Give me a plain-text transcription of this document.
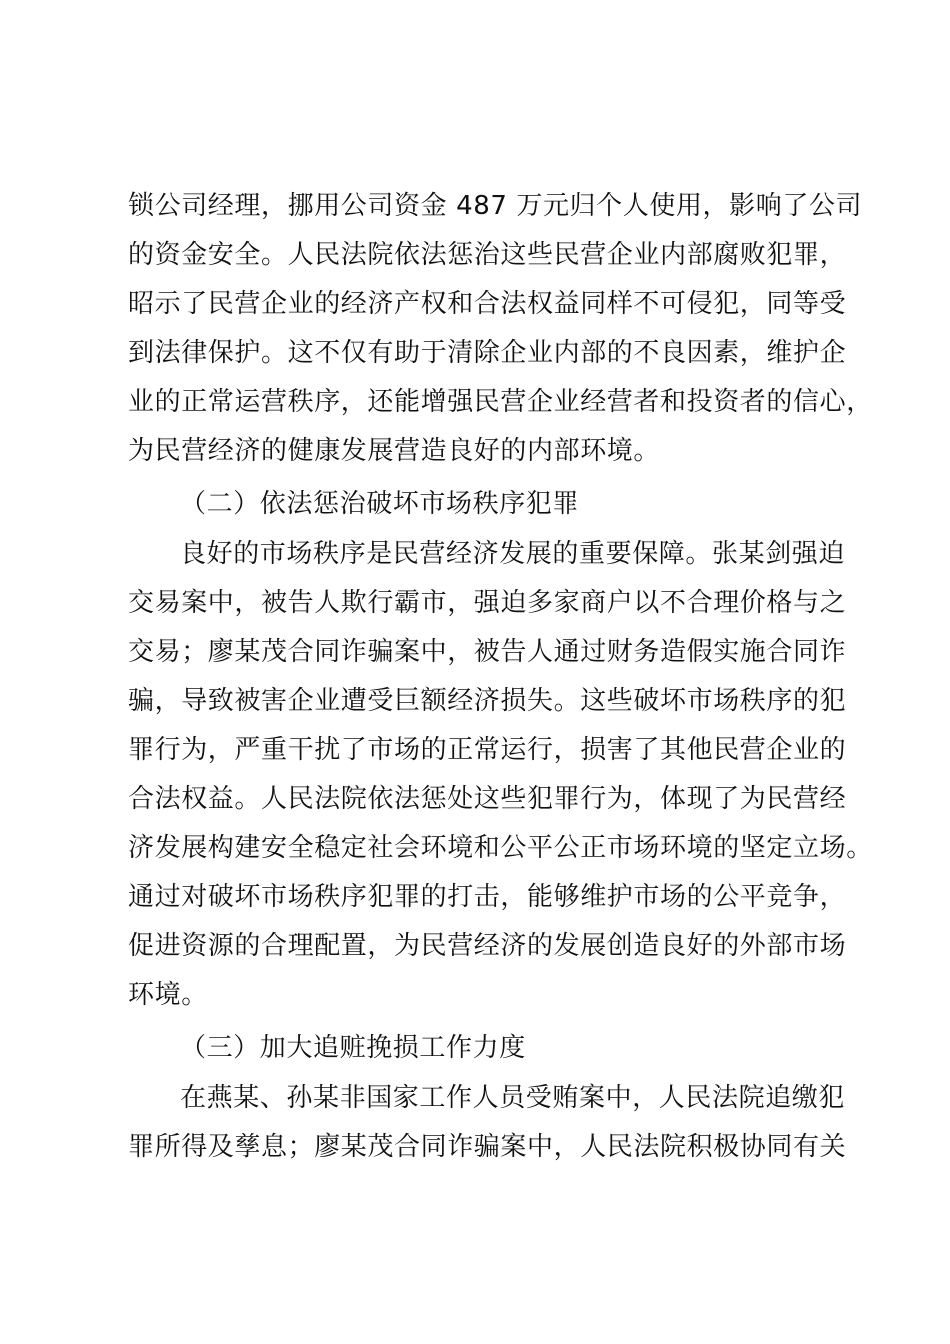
锁公司经理，挪用公司资金 487 万元归个人使用，影响了公司
的资金安全。人民法院依法惩治这些民营企业内部腐败犯罪，
昭示了民营企业的经济产权和合法权益同样不可侵犯，同等受
到法律保护。这不仅有助于清除企业内部的不良因素，维护企
业的正常运营秩序，还能增强民营企业经营者和投资者的信心，
为民营经济的健康发展营造良好的内部环境。
（二）依法惩治破坏市场秩序犯罪
良好的市场秩序是民营经济发展的重要保障。张某剑强迫
交易案中，被告人欺行霸市，强迫多家商户以不合理价格与之
交易；廖某茂合同诈骗案中，被告人通过财务造假实施合同诈
骗，导致被害企业遭受巨额经济损失。这些破坏市场秩序的犯
罪行为，严重干扰了市场的正常运行，损害了其他民营企业的
合法权益。人民法院依法惩处这些犯罪行为，体现了为民营经
济发展构建安全稳定社会环境和公平公正市场环境的坚定立场。
通过对破坏市场秩序犯罪的打击，能够维护市场的公平竞争，
促进资源的合理配置，为民营经济的发展创造良好的外部市场
环境。
（三）加大追赃挽损工作力度
在燕某、孙某非国家工作人员受贿案中，人民法院追缴犯
罪所得及孳息；廖某茂合同诈骗案中，人民法院积极协同有关
